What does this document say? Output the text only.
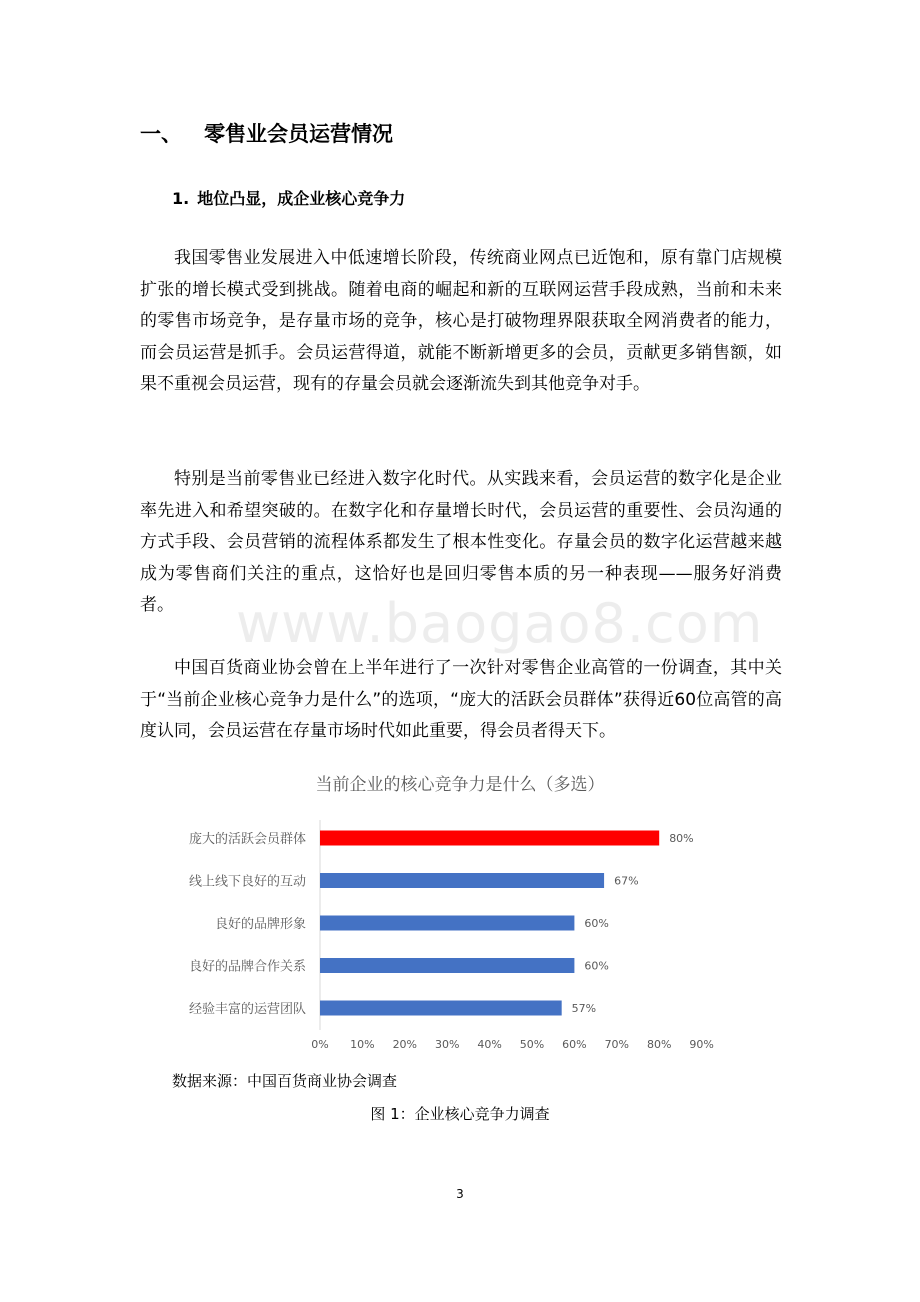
一、 零售业会员运营情况
1. 地位凸显，成企业核心竞争力

我国零售业发展进入中低速增长阶段，传统商业网点已近饱和，原有靠门店规模扩张的增长模式受到挑战。随着电商的崛起和新的互联网运营手段成熟，当前和未来的零售市场竞争，是存量市场的竞争，核心是打破物理界限获取全网消费者的能力，而会员运营是抓手。会员运营得道，就能不断新增更多的会员，贡献更多销售额，如果不重视会员运营，现有的存量会员就会逐渐流失到其他竞争对手。

特别是当前零售业已经进入数字化时代。从实践来看，会员运营的数字化是企业率先进入和希望突破的。在数字化和存量增长时代，会员运营的重要性、会员沟通的方式手段、会员营销的流程体系都发生了根本性变化。存量会员的数字化运营越来越成为零售商们关注的重点，这恰好也是回归零售本质的另一种表现——服务好消费者。

中国百货商业协会曾在上半年进行了一次针对零售企业高管的一份调查，其中关于“当前企业核心竞争力是什么”的选项，“庞大的活跃会员群体”获得近60位高管的高度认同，会员运营在存量市场时代如此重要，得会员者得天下。

www.baogao8.com
当前企业的核心竞争力是什么（多选）
庞大的活跃会员群体	80%
线上线下良好的互动	67%
良好的品牌形象	60%
良好的品牌合作关系	60%
经验丰富的运营团队	57%
0% 10% 20% 30% 40% 50% 60% 70% 80% 90%
数据来源：中国百货商业协会调查
图 1：企业核心竞争力调查
3
